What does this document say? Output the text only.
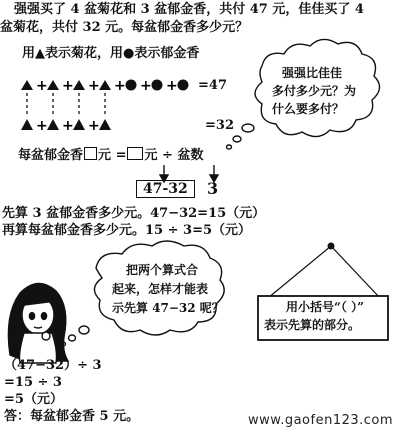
强强买了 4 盆菊花和 3 盆郁金香，共付 47 元，佳佳买了 4
盆菊花，共付 32 元。每盆郁金香多少元？
用▲表示菊花，用●表示郁金香
+ + + + + +
+ + +
=47
=32
强强比佳佳
多付多少元？为
什么要多付？
每盆郁金香 元 = 元 ÷ 盆数
47-32	3
先算 3 盆郁金香多少元。47−32=15（元）
再算每盆郁金香多少元。15 ÷ 3=5（元）
把两个算式合
起来，怎样才能表
示先算 47−32 呢？	用小括号“（ ）”
表示先算的部分。
（47−32）÷ 3
=15 ÷ 3
=5（元）
答：每盆郁金香 5 元。	www.gaofen123.com
